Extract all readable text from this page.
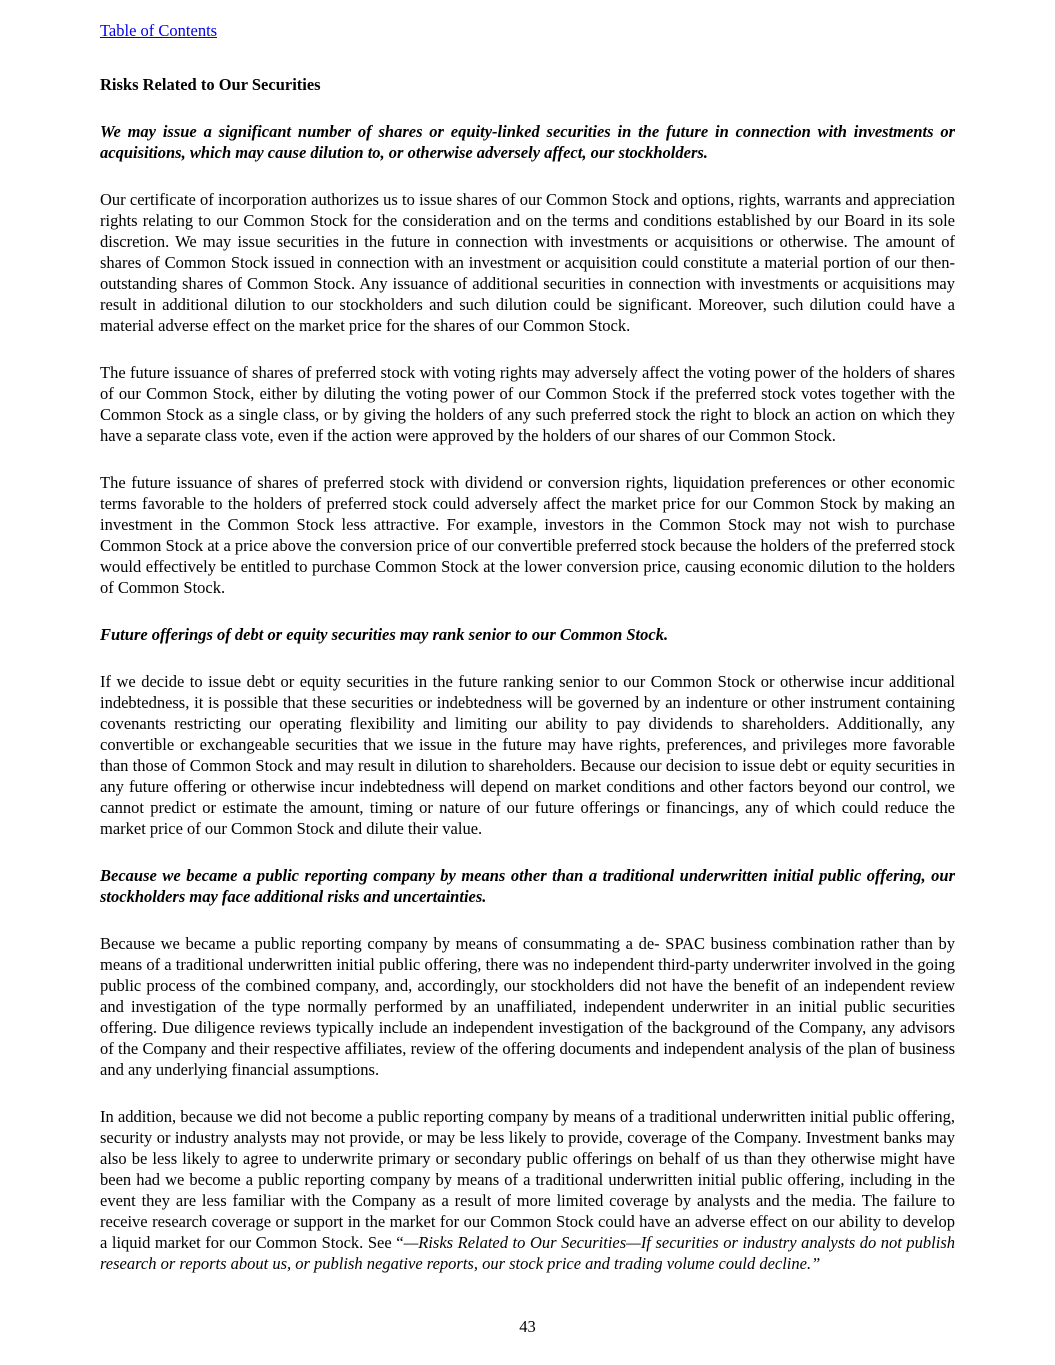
Table of Contents
Risks Related to Our Securities
We may issue a significant number of shares or equity-linked securities in the future in connection with investments or acquisitions, which may cause dilution to, or otherwise adversely affect, our stockholders.

Our certificate of incorporation authorizes us to issue shares of our Common Stock and options, rights, warrants and appreciation rights relating to our Common Stock for the consideration and on the terms and conditions established by our Board in its sole discretion. We may issue securities in the future in connection with investments or acquisitions or otherwise. The amount of shares of Common Stock issued in connection with an investment or acquisition could constitute a material portion of our then-outstanding shares of Common Stock. Any issuance of additional securities in connection with investments or acquisitions may result in additional dilution to our stockholders and such dilution could be significant. Moreover, such dilution could have a material adverse effect on the market price for the shares of our Common Stock.

The future issuance of shares of preferred stock with voting rights may adversely affect the voting power of the holders of shares of our Common Stock, either by diluting the voting power of our Common Stock if the preferred stock votes together with the Common Stock as a single class, or by giving the holders of any such preferred stock the right to block an action on which they have a separate class vote, even if the action were approved by the holders of our shares of our Common Stock.

The future issuance of shares of preferred stock with dividend or conversion rights, liquidation preferences or other economic terms favorable to the holders of preferred stock could adversely affect the market price for our Common Stock by making an investment in the Common Stock less attractive. For example, investors in the Common Stock may not wish to purchase Common Stock at a price above the conversion price of our convertible preferred stock because the holders of the preferred stock would effectively be entitled to purchase Common Stock at the lower conversion price, causing economic dilution to the holders of Common Stock.

Future offerings of debt or equity securities may rank senior to our Common Stock.

If we decide to issue debt or equity securities in the future ranking senior to our Common Stock or otherwise incur additional indebtedness, it is possible that these securities or indebtedness will be governed by an indenture or other instrument containing covenants restricting our operating flexibility and limiting our ability to pay dividends to shareholders. Additionally, any convertible or exchangeable securities that we issue in the future may have rights, preferences, and privileges more favorable than those of Common Stock and may result in dilution to shareholders. Because our decision to issue debt or equity securities in any future offering or otherwise incur indebtedness will depend on market conditions and other factors beyond our control, we cannot predict or estimate the amount, timing or nature of our future offerings or financings, any of which could reduce the market price of our Common Stock and dilute their value.

Because we became a public reporting company by means other than a traditional underwritten initial public offering, our stockholders may face additional risks and uncertainties.

Because we became a public reporting company by means of consummating a de- SPAC business combination rather than by means of a traditional underwritten initial public offering, there was no independent third-party underwriter involved in the going public process of the combined company, and, accordingly, our stockholders did not have the benefit of an independent review and investigation of the type normally performed by an unaffiliated, independent underwriter in an initial public securities offering. Due diligence reviews typically include an independent investigation of the background of the Company, any advisors of the Company and their respective affiliates, review of the offering documents and independent analysis of the plan of business and any underlying financial assumptions.

In addition, because we did not become a public reporting company by means of a traditional underwritten initial public offering, security or industry analysts may not provide, or may be less likely to provide, coverage of the Company. Investment banks may also be less likely to agree to underwrite primary or secondary public offerings on behalf of us than they otherwise might have been had we become a public reporting company by means of a traditional underwritten initial public offering, including in the event they are less familiar with the Company as a result of more limited coverage by analysts and the media. The failure to receive research coverage or support in the market for our Common Stock could have an adverse effect on our ability to develop a liquid market for our Common Stock. See “—Risks Related to Our Securities—If securities or industry analysts do not publish research or reports about us, or publish negative reports, our stock price and trading volume could decline.”

43
